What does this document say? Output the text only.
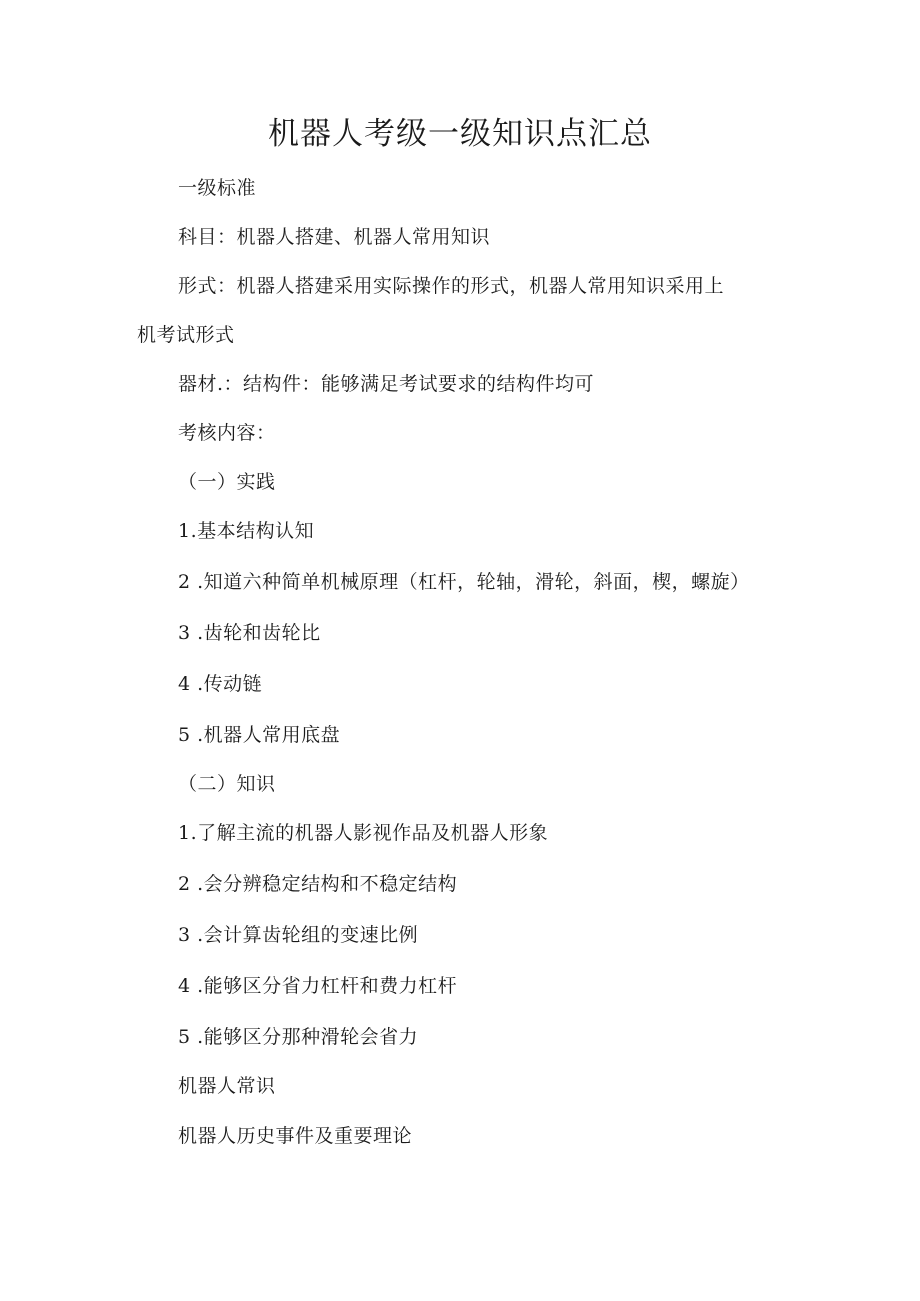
机器人考级一级知识点汇总
一级标准
科目：机器人搭建、机器人常用知识
形式：机器人搭建采用实际操作的形式，机器人常用知识采用上
机考试形式
器材.：结构件：能够满足考试要求的结构件均可
考核内容：
（一）实践
1.基本结构认知
2 .知道六种简单机械原理（杠杆，轮轴，滑轮，斜面，楔，螺旋）
3 .齿轮和齿轮比
4 .传动链
5 .机器人常用底盘
（二）知识
1.了解主流的机器人影视作品及机器人形象
2 .会分辨稳定结构和不稳定结构
3 .会计算齿轮组的变速比例
4 .能够区分省力杠杆和费力杠杆
5 .能够区分那种滑轮会省力
机器人常识
机器人历史事件及重要理论
